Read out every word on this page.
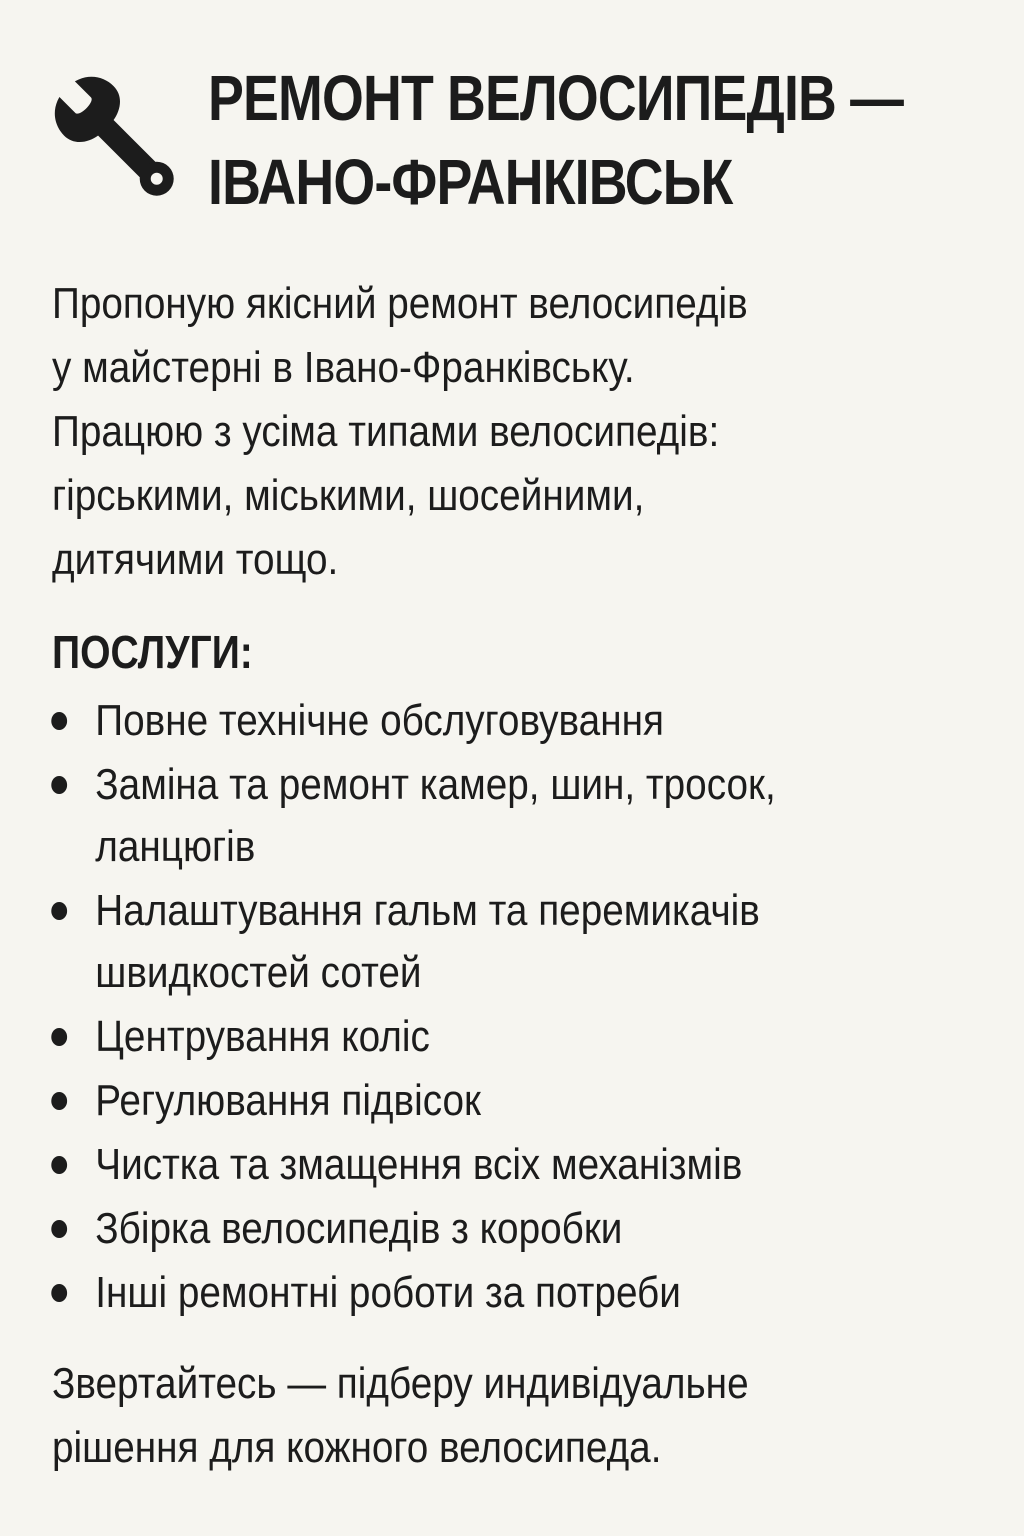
РЕМОНТ ВЕЛОСИПЕДІВ —
ІВАНО-ФРАНКІВСЬК
Пропоную якісний ремонт велосипедів
у майстерні в Івано-Франківську.
Працюю з усіма типами велосипедів:
гірськими, міськими, шосейними,
дитячими тощо.
ПОСЛУГИ:
Повне технічне обслуговування
Заміна та ремонт камер, шин, тросок,
ланцюгів
Налаштування гальм та перемикачів
швидкостей сотей
Центрування коліс
Регулювання підвісок
Чистка та змащення всіх механізмів
Збірка велосипедів з коробки
Інші ремонтні роботи за потреби
Звертайтесь — підберу индивідуальне
рішення для кожного велосипеда.
